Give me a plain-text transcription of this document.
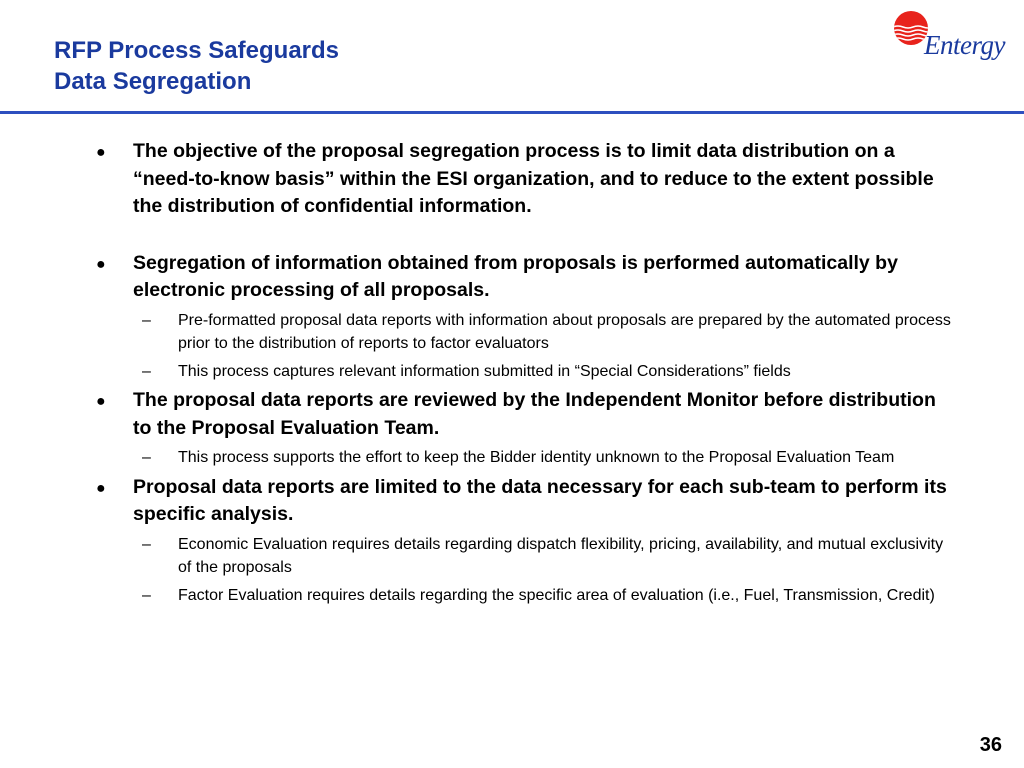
RFP Process Safeguards
Data Segregation
Entergy
● The objective of the proposal segregation process is to limit data distribution on a “need-to-know basis” within the ESI organization, and to reduce to the extent possible the distribution of confidential information.
● Segregation of information obtained from proposals is performed automatically by electronic processing of all proposals.
– Pre-formatted proposal data reports with information about proposals are prepared by the automated process prior to the distribution of reports to factor evaluators
– This process captures relevant information submitted in “Special Considerations” fields
● The proposal data reports are reviewed by the Independent Monitor before distribution to the Proposal Evaluation Team.
– This process supports the effort to keep the Bidder identity unknown to the Proposal Evaluation Team
● Proposal data reports are limited to the data necessary for each sub-team to perform its specific analysis.
– Economic Evaluation requires details regarding dispatch flexibility, pricing, availability, and mutual exclusivity of the proposals
– Factor Evaluation requires details regarding the specific area of evaluation (i.e., Fuel, Transmission, Credit)
36
